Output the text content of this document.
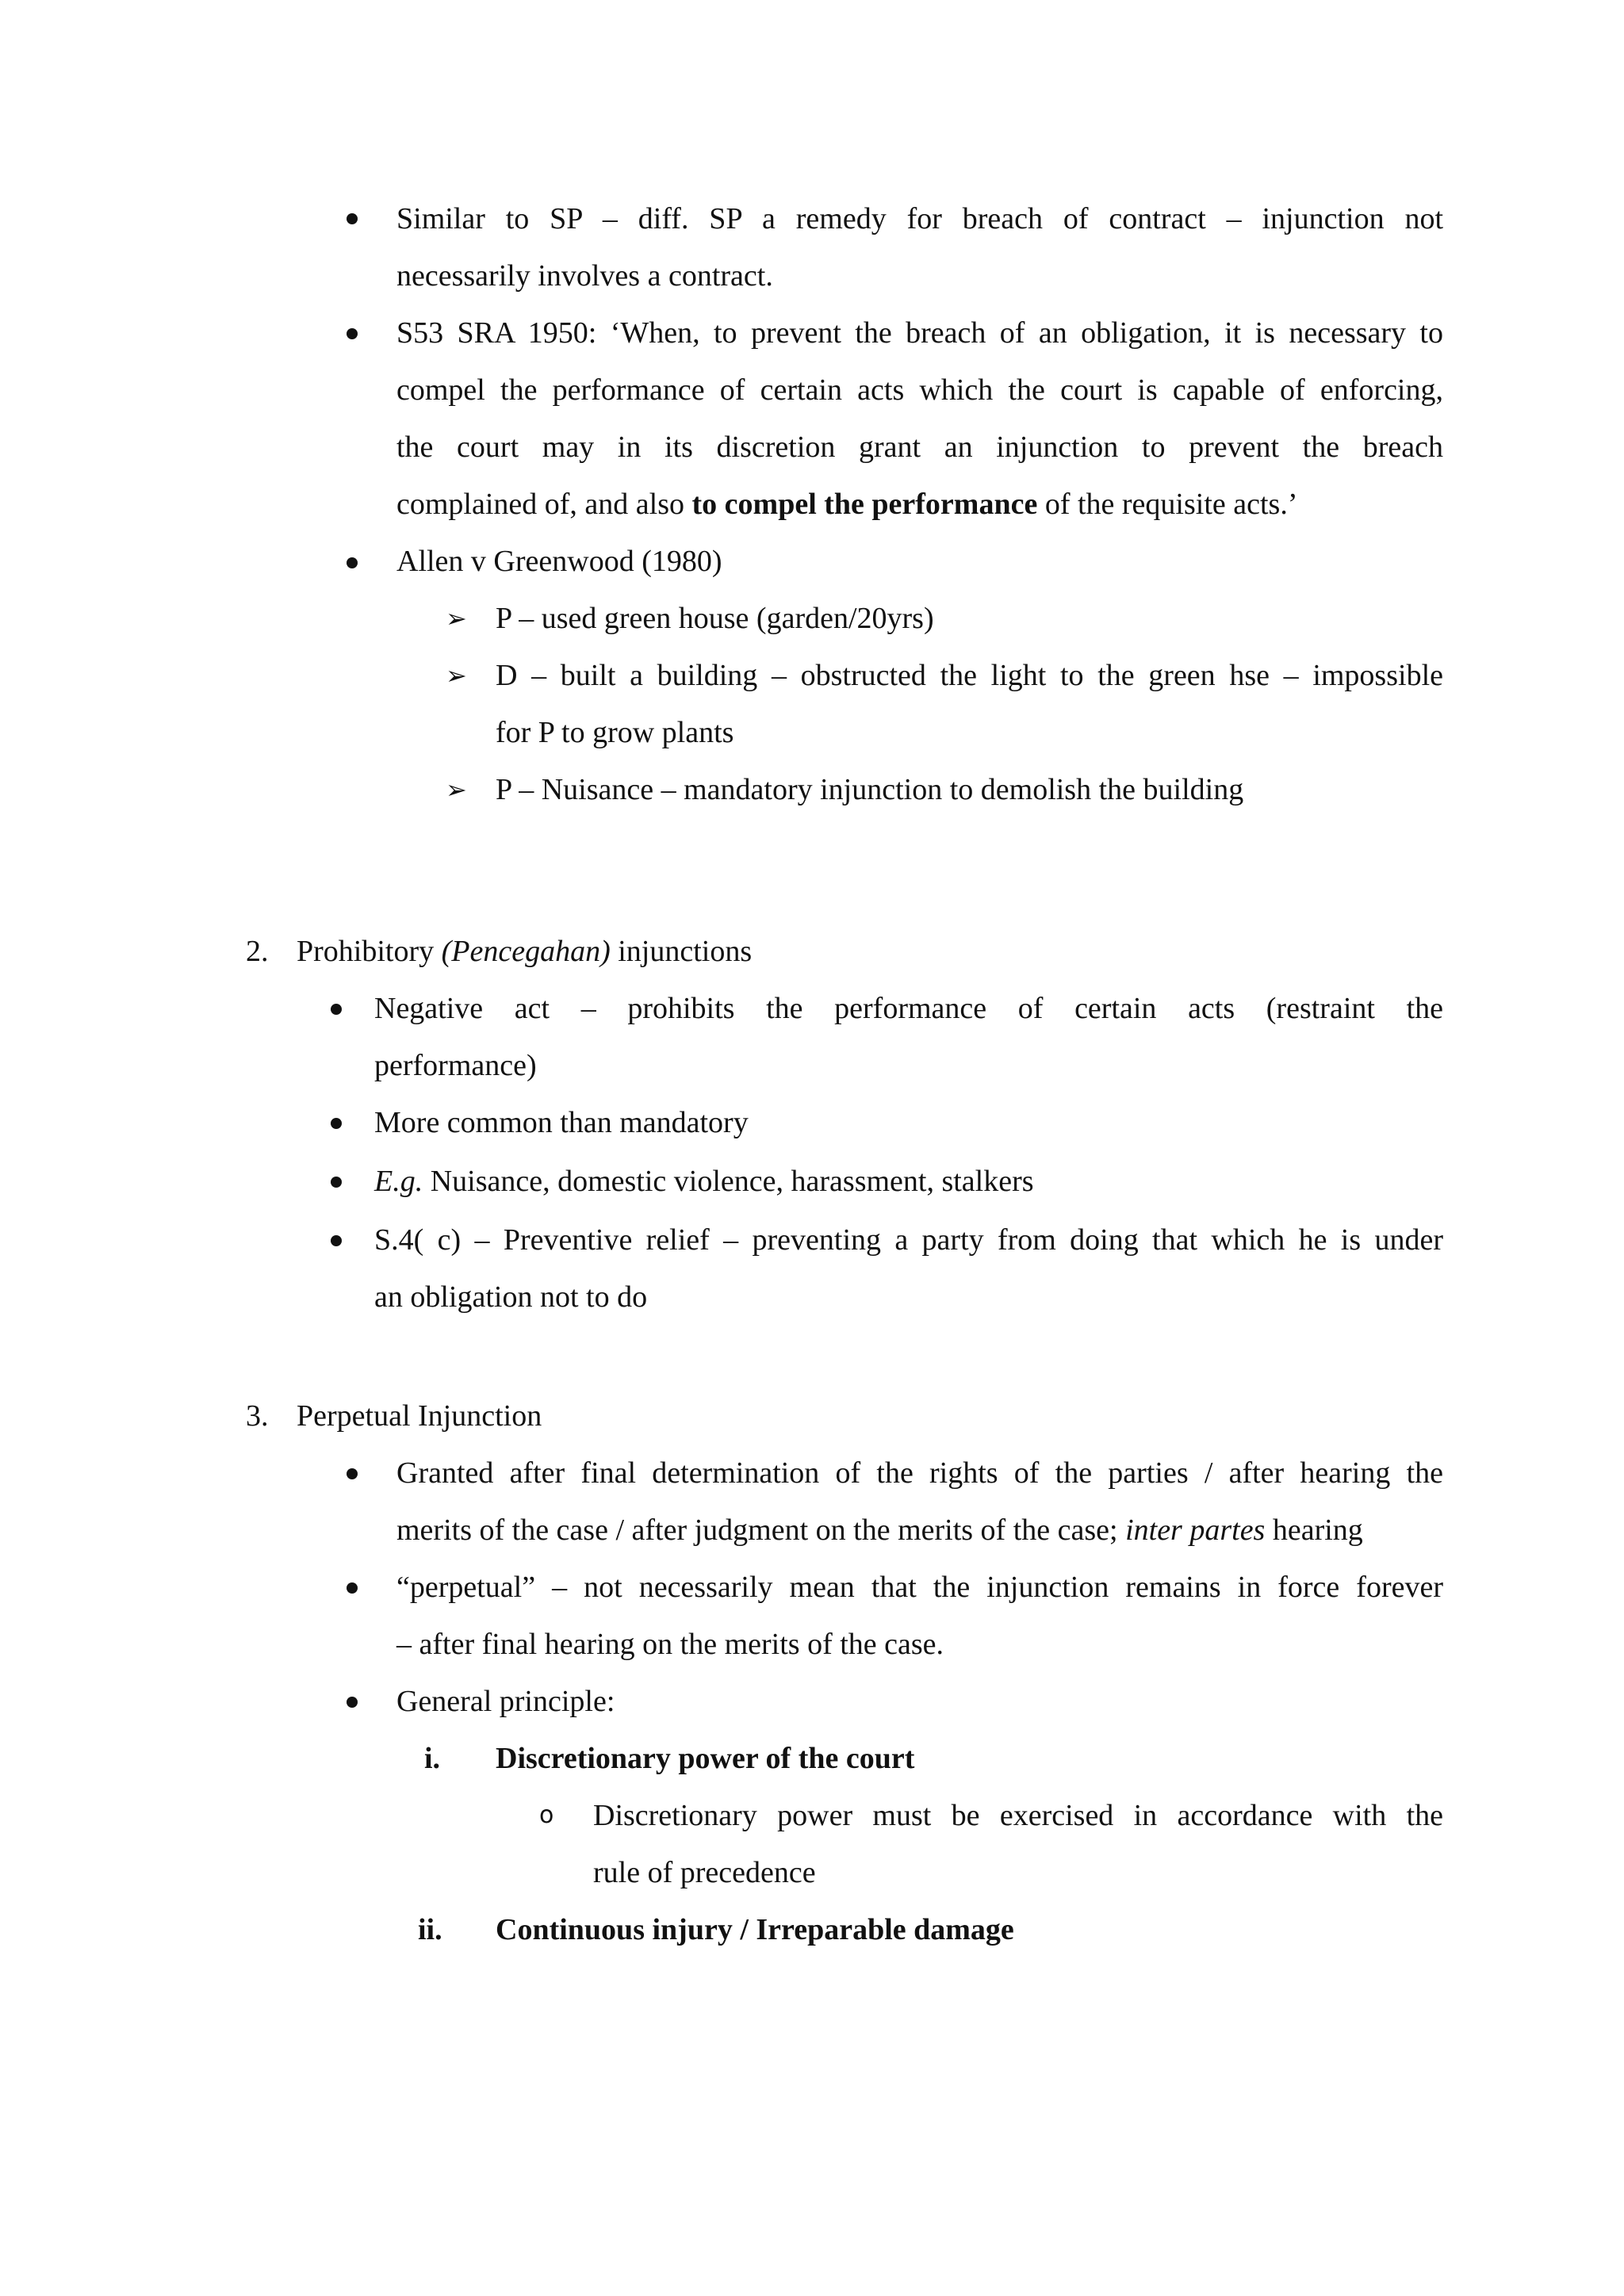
Similar to SP – diff. SP a remedy for breach of contract – injunction not
necessarily involves a contract.
S53 SRA 1950: ‘When, to prevent the breach of an obligation, it is necessary to
compel the performance of certain acts which the court is capable of enforcing,
the court may in its discretion grant an injunction to prevent the breach
complained of, and also to compel the performance of the requisite acts.’
Allen v Greenwood (1980)
➢ P – used green house (garden/20yrs)
➢ D – built a building – obstructed the light to the green hse – impossible
for P to grow plants
➢ P – Nuisance – mandatory injunction to demolish the building
2. Prohibitory (Pencegahan) injunctions
Negative act – prohibits the performance of certain acts (restraint the
performance)
More common than mandatory
E.g. Nuisance, domestic violence, harassment, stalkers
S.4( c) – Preventive relief – preventing a party from doing that which he is under
an obligation not to do
3. Perpetual Injunction
Granted after final determination of the rights of the parties / after hearing the
merits of the case / after judgment on the merits of the case; inter partes hearing
“perpetual” – not necessarily mean that the injunction remains in force forever
– after final hearing on the merits of the case.
General principle:
i. Discretionary power of the court
o Discretionary power must be exercised in accordance with the
rule of precedence
ii. Continuous injury / Irreparable damage
